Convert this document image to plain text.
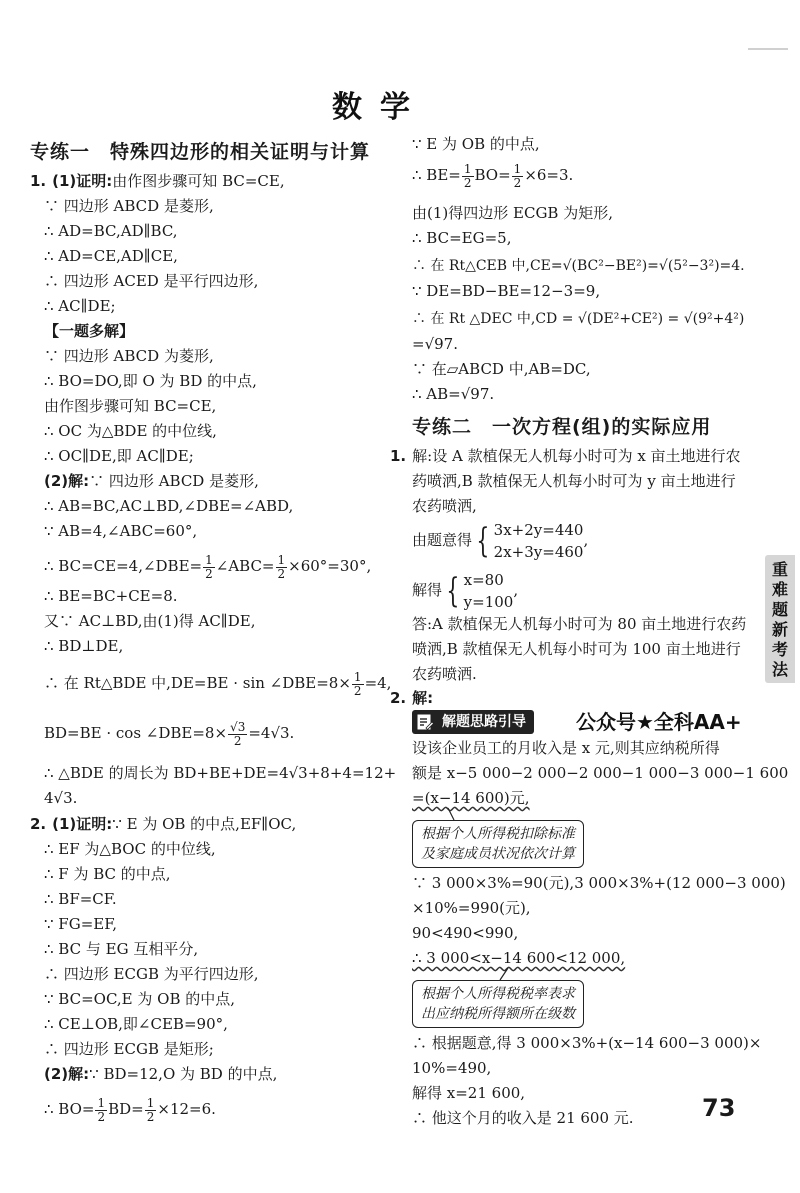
数学
专练一　特殊四边形的相关证明与计算
1. (1)证明:由作图步骤可知 BC=CE,
∵ 四边形 ABCD 是菱形,
∴ AD=BC,AD∥BC,
∴ AD=CE,AD∥CE,
∴ 四边形 ACED 是平行四边形,
∴ AC∥DE;
【一题多解】
∵ 四边形 ABCD 为菱形,
∴ BO=DO,即 O 为 BD 的中点,
由作图步骤可知 BC=CE,
∴ OC 为△BDE 的中位线,
∴ OC∥DE,即 AC∥DE;
(2)解:∵ 四边形 ABCD 是菱形,
∴ AB=BC,AC⊥BD,∠DBE=∠ABD,
∵ AB=4,∠ABC=60°,
∴ BC=CE=4,∠DBE= $\frac{1}{2}$ ∠ABC= $\frac{1}{2} \times 60^\circ=30^\circ$,
∴ BE=BC+CE=8.
又∵ AC⊥BD,由(1)得 AC∥DE,
∴ BD⊥DE,
∴ 在 Rt△BDE 中,DE=BE · sin ∠DBE=8× $\frac{1}{2} =4$,
BD=BE · cos ∠DBE=8× $\frac{√3}{2} =4√3$.
∴ △BDE 的周长为 BD+BE+DE=4√3+8+4=12+
4√3.
2. (1)证明:∵ E 为 OB 的中点,EF∥OC,
∴ EF 为△BOC 的中位线,
∴ F 为 BC 的中点,
∴ BF=CF.
∵ FG=EF,
∴ BC 与 EG 互相平分,
∴ 四边形 ECGB 为平行四边形,
∵ BC=OC,E 为 OB 的中点,
∴ CE⊥OB,即∠CEB=90°,
∴ 四边形 ECGB 是矩形;
(2)解:∵ BD=12,O 为 BD 的中点,
∴ $BO= \frac{1}{2} BD= \frac{1}{2} \times 12=6$.
∵ E 为 OB 的中点,
∴ $BE= \frac{1}{2} BO= \frac{1}{2} \times 6=3$.
由(1)得四边形 ECGB 为矩形,
∴ BC=EG=5,
∴ 在 Rt△CEB 中,CE=√(BC²−BE²)=√(5²−3²)=4.
∵ DE=BD−BE=12−3=9,
∴ 在 Rt △DEC 中,CD = √(DE²+CE²) = √(9²+4²)
=√97.
∵ 在▱ABCD 中,AB=DC,
∴ AB=√97.
专练二　一次方程(组)的实际应用
1. 解:设 A 款植保无人机每小时可为 x 亩土地进行农
药喷洒,B 款植保无人机每小时可为 y 亩土地进行
农药喷洒,
由题意得 { 3x+2y=440
2x+3y=460
,
解得 { x=80
y=100
,
答:A 款植保无人机每小时可为 80 亩土地进行农药
喷洒,B 款植保无人机每小时可为 100 亩土地进行
农药喷洒.
2. 解:
解题思路引导	公众号★全科AA+
设该企业员工的月收入是 x 元,则其应纳税所得
额是 x−5 000−2 000−2 000−1 000−3 000−1 600
=(x−14 600)元,
根据个人所得税扣除标准
及家庭成员状况依次计算
∵ 3 000×3%=90(元),3 000×3%+(12 000−3 000)
×10%=990(元),
90<490<990,
∴ 3 000<x−14 600<12 000,
根据个人所得税税率表求
出应纳税所得额所在级数
∴ 根据题意,得 3 000×3%+(x−14 600−3 000)×
10%=490,
解得 x=21 600,
∴ 他这个月的收入是 21 600 元.
重难题新考法
73
